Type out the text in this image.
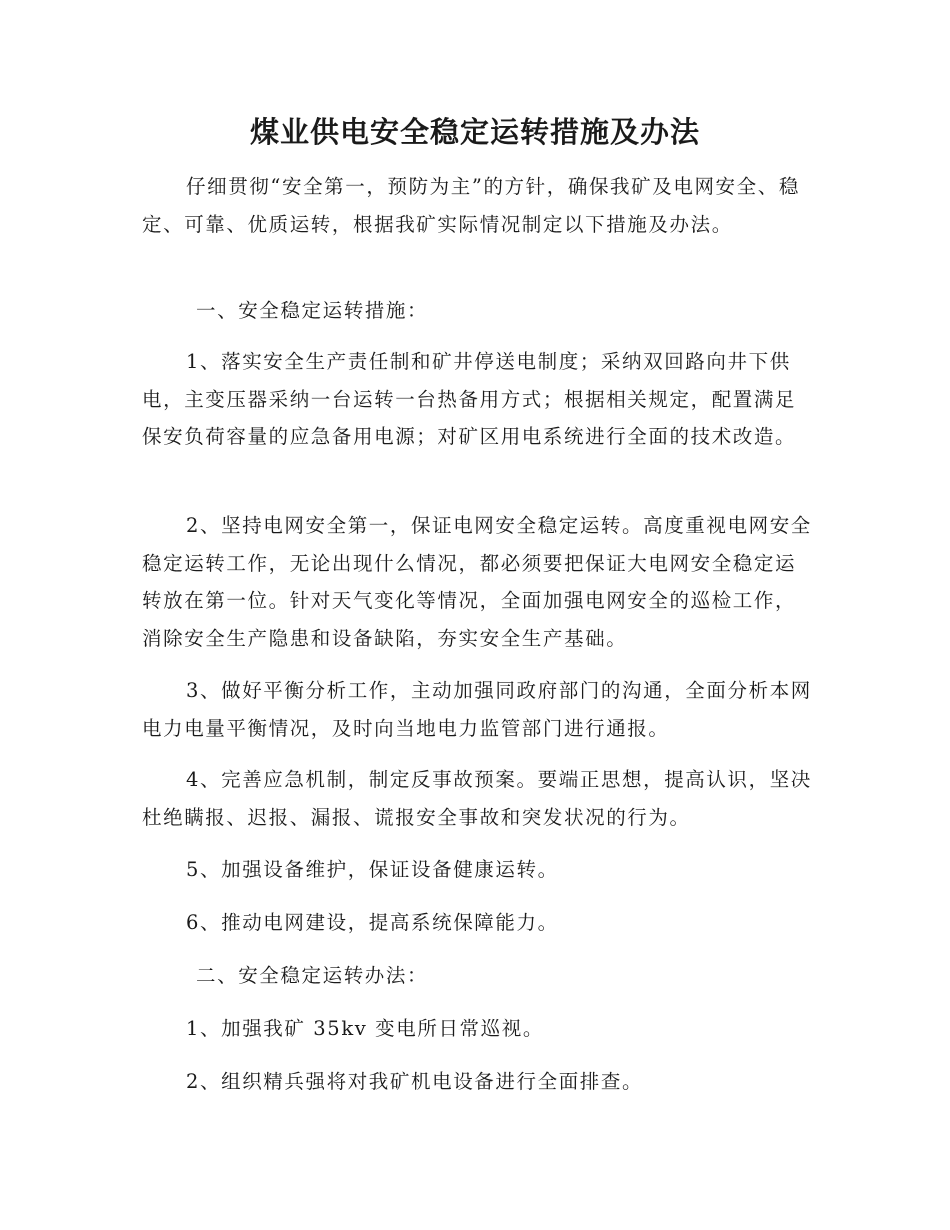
煤业供电安全稳定运转措施及办法
仔细贯彻“安全第一，预防为主”的方针，确保我矿及电网安全、稳定、可靠、优质运转，根据我矿实际情况制定以下措施及办法。
一、安全稳定运转措施：
1、落实安全生产责任制和矿井停送电制度；采纳双回路向井下供电，主变压器采纳一台运转一台热备用方式；根据相关规定，配置满足保安负荷容量的应急备用电源；对矿区用电系统进行全面的技术改造。
2、坚持电网安全第一，保证电网安全稳定运转。高度重视电网安全稳定运转工作，无论出现什么情况，都必须要把保证大电网安全稳定运转放在第一位。针对天气变化等情况，全面加强电网安全的巡检工作，消除安全生产隐患和设备缺陷，夯实安全生产基础。
3、做好平衡分析工作，主动加强同政府部门的沟通，全面分析本网电力电量平衡情况，及时向当地电力监管部门进行通报。
4、完善应急机制，制定反事故预案。要端正思想，提高认识，坚决杜绝瞒报、迟报、漏报、谎报安全事故和突发状况的行为。
5、加强设备维护，保证设备健康运转。
6、推动电网建设，提高系统保障能力。
二、安全稳定运转办法：
1、加强我矿 35kv 变电所日常巡视。
2、组织精兵强将对我矿机电设备进行全面排查。
